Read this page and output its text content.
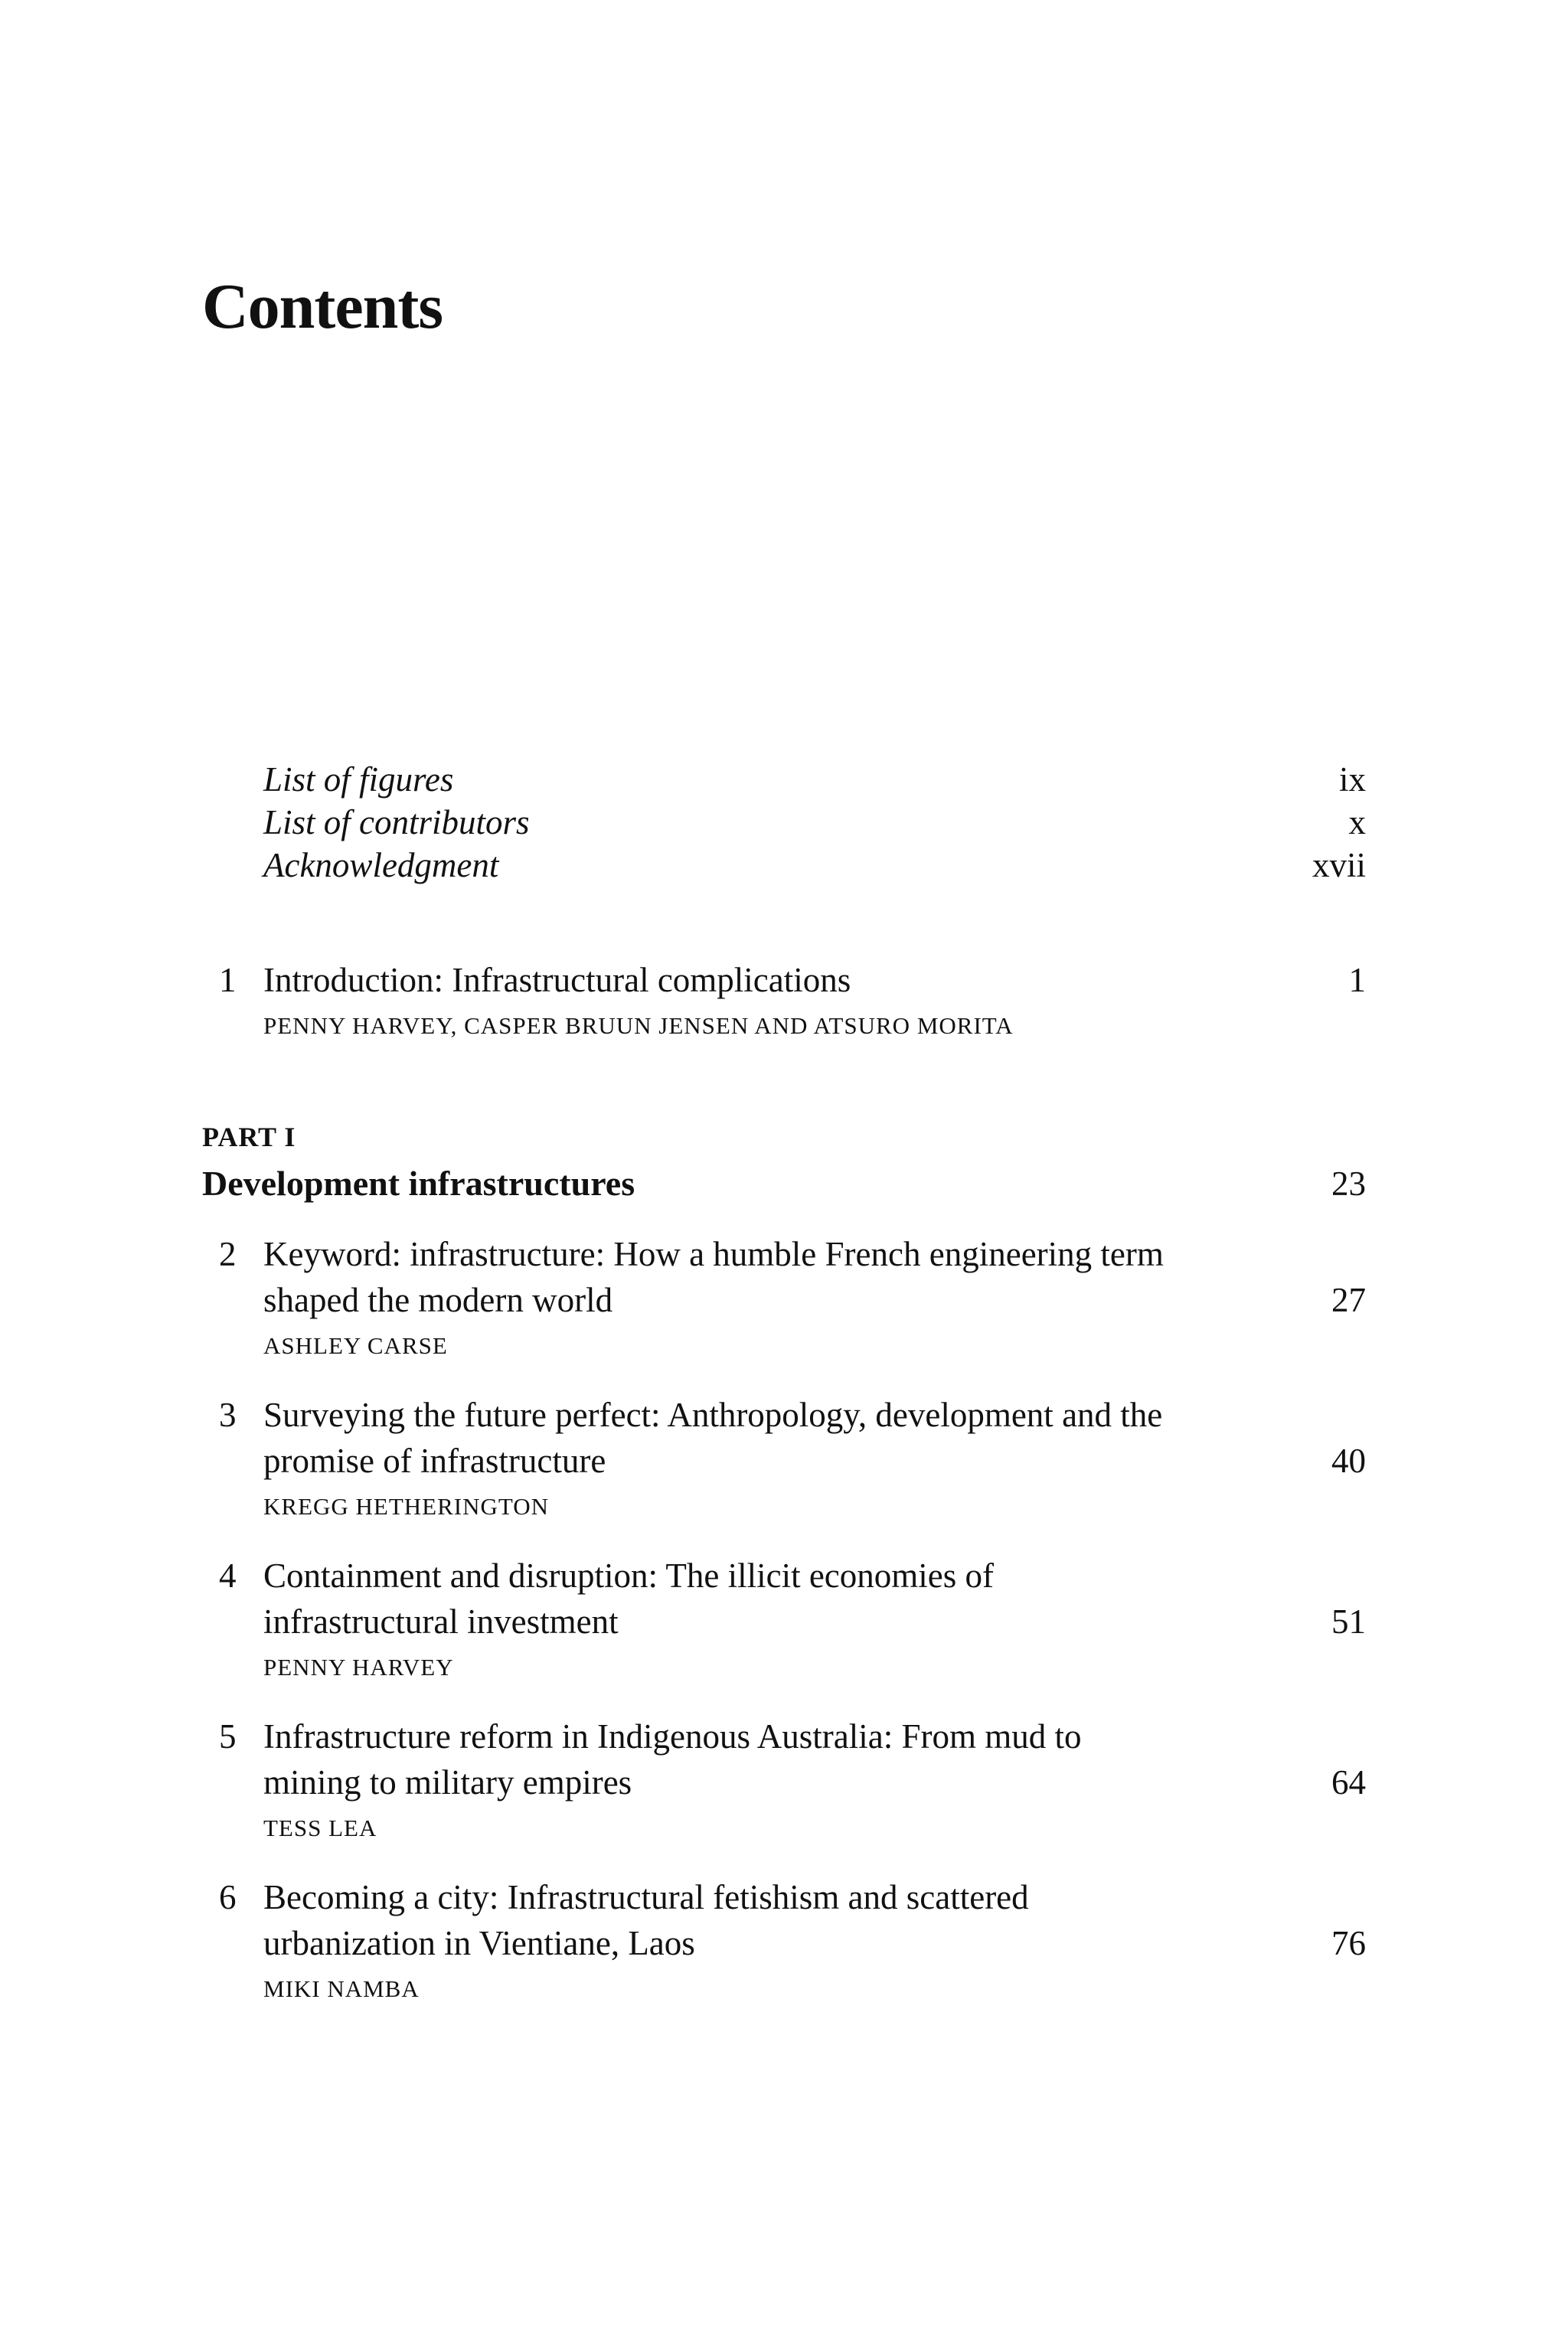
Contents
List of figures	ix
List of contributors	x
Acknowledgment	xvii
1 Introduction: Infrastructural complications	1
PENNY HARVEY, CASPER BRUUN JENSEN AND ATSURO MORITA
PART I
Development infrastructures	23
2 Keyword: infrastructure: How a humble French engineering term

shaped the modern world	27
ASHLEY CARSE
3 Surveying the future perfect: Anthropology, development and the

promise of infrastructure	40
KREGG HETHERINGTON
4 Containment and disruption: The illicit economies of

infrastructural investment	51
PENNY HARVEY
5 Infrastructure reform in Indigenous Australia: From mud to

mining to military empires	64
TESS LEA
6 Becoming a city: Infrastructural fetishism and scattered

urbanization in Vientiane, Laos	76
MIKI NAMBA
